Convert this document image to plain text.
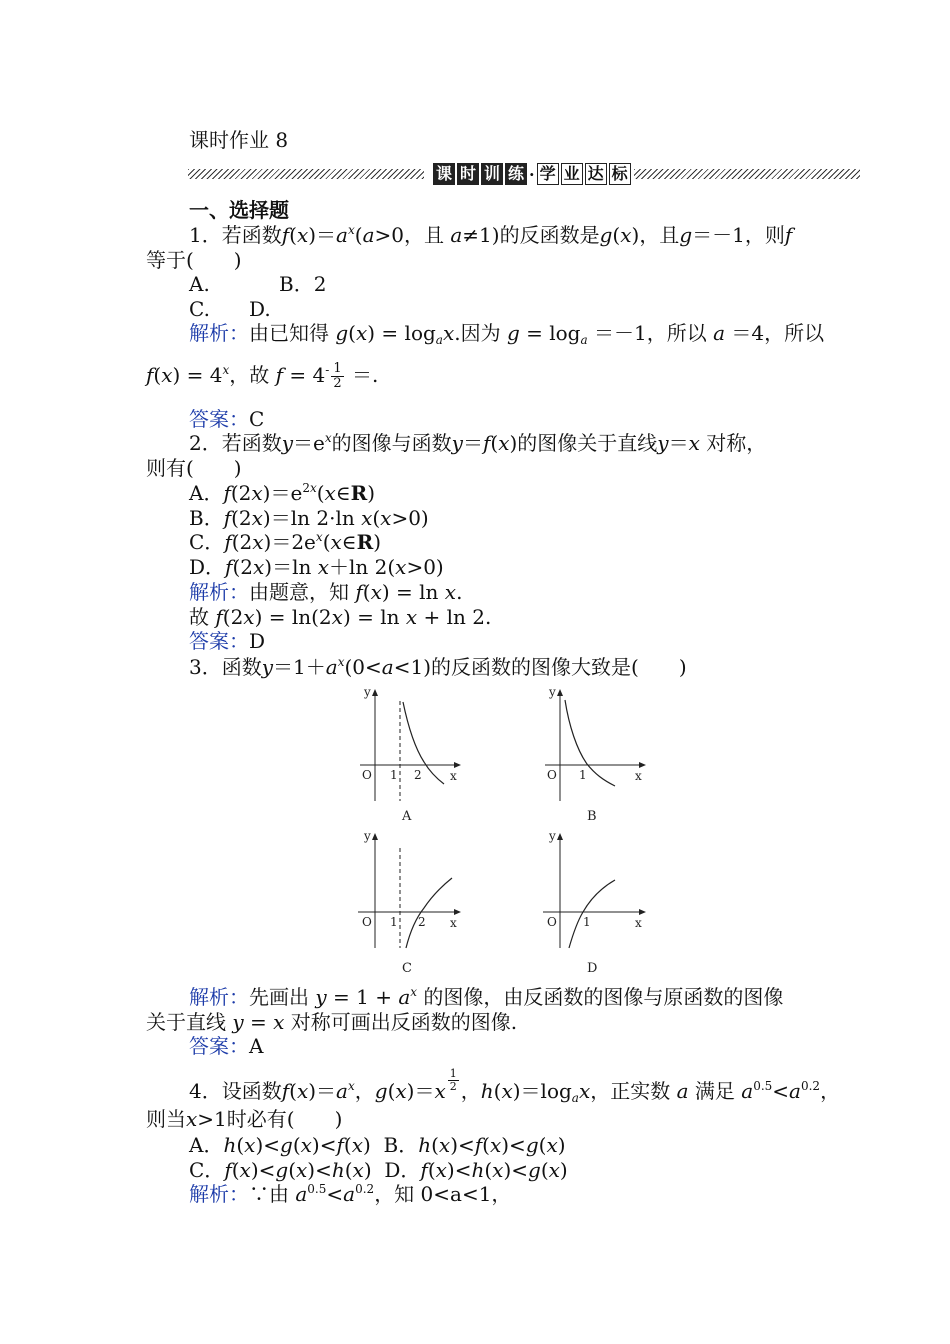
课时作业 8
课 时 训 练 · 学 业 达 标
一、选择题
1．若函数$f(x)=a^x(a>0$，且 a≠1)的反函数是g(x)，且g＝－1，则f
等于(　　)
A.	B．2
C. D.
解析：由已知得 $g(x) = \log_ax$.因为 $g = \log_a =-1$，所以 a ＝4，所以
$f(x) = 4^x$，故 $f = 4^- \frac{1}{2}$ ＝.
答案：C
2．若函数$y=e^x$的图像与函数y＝f(x)的图像关于直线y＝x 对称，
则有(　　)
A．$f(2x)=e^{2x}(x\in R)$
B．f(2x)＝ln 2·ln x(x>0)
C．$f(2x)=2e^x(x\in R)$
D．f(2x)＝ln x＋ln 2(x>0)
解析：由题意，知 f(x) = ln x.
故 f(2x) = ln(2x) = ln x + ln 2.
答案：D
3．函数$y=1+a^x(0<a<1)$的反函数的图像大致是(　　)
y
x
O 1 2
A
y
x
O 1
B
y
x
O 1 2
C
y
x
O 1
D
解析：先画出 $y = 1 + a^x$ 的图像，由反函数的图像与原函数的图像
关于直线 y = x 对称可画出反函数的图像.
答案：A
4．设函数$f(x)=a^x$，$g(x)=x \frac{1}{2}$ ，$h(x)=\log_ax$，正实数 a 满足 $a^{0.5}<a^{0.2}$，
则当x>1时必有(　　)
A．h(x)<g(x)<f(x)  B．h(x)<f(x)<g(x)
C．f(x)<g(x)<h(x)  D．f(x)<h(x)<g(x)
解析：∵由 $a^{0.5}<a^{0.2}$，知 0<a<1，
